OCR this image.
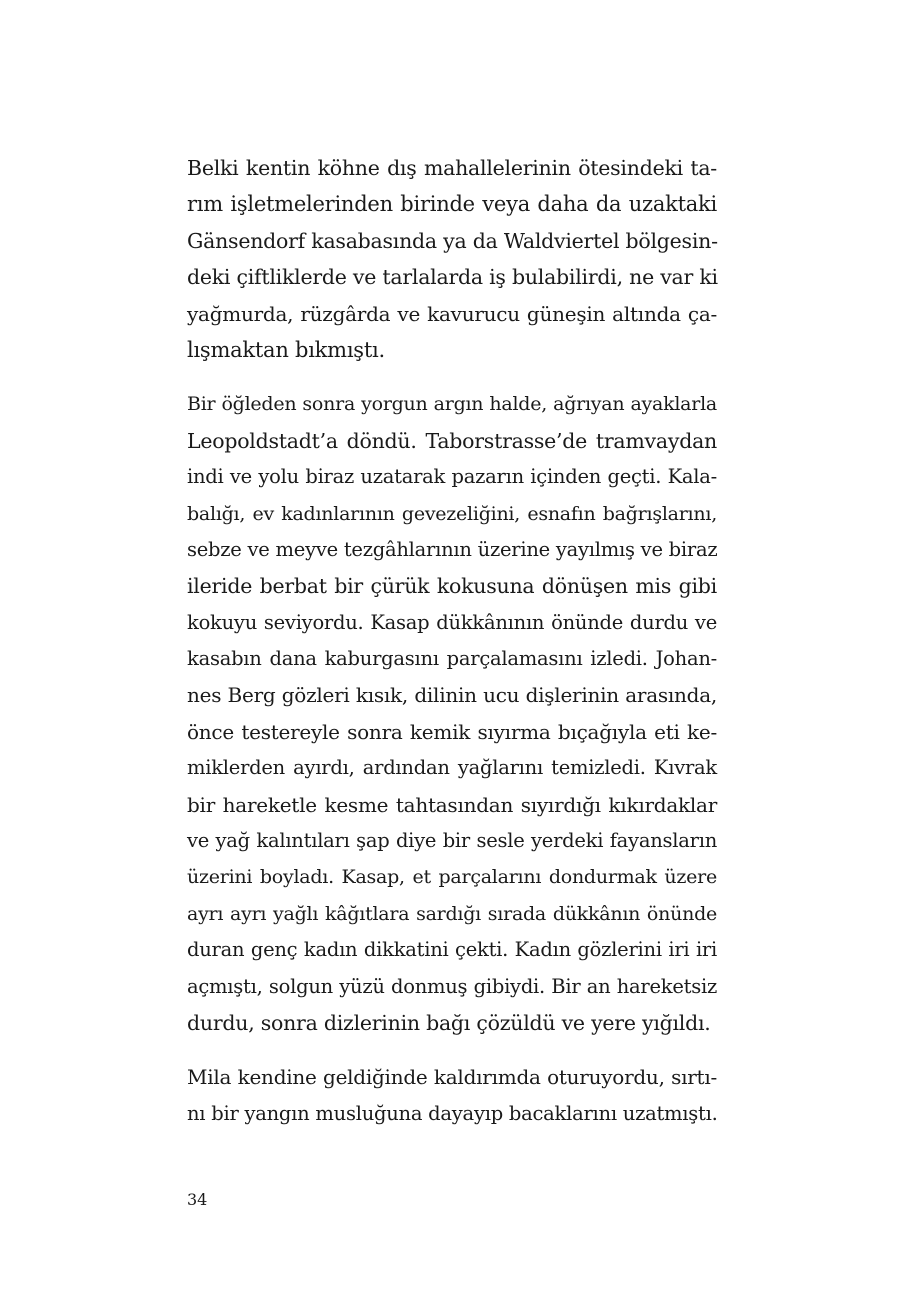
Belki kentin köhne dış mahallelerinin ötesindeki ta-
rım işletmelerinden birinde veya daha da uzaktaki
Gänsendorf kasabasında ya da Waldviertel bölgesin-
deki çiftliklerde ve tarlalarda iş bulabilirdi, ne var ki
yağmurda, rüzgârda ve kavurucu güneşin altında ça-
lışmaktan bıkmıştı.

Bir öğleden sonra yorgun argın halde, ağrıyan ayaklarla
Leopoldstadt’a döndü. Taborstrasse’de tramvaydan
indi ve yolu biraz uzatarak pazarın içinden geçti. Kala-
balığı, ev kadınlarının gevezeliğini, esnafın bağrışlarını,
sebze ve meyve tezgâhlarının üzerine yayılmış ve biraz
ileride berbat bir çürük kokusuna dönüşen mis gibi
kokuyu seviyordu. Kasap dükkânının önünde durdu ve
kasabın dana kaburgasını parçalamasını izledi. Johan-
nes Berg gözleri kısık, dilinin ucu dişlerinin arasında,
önce testereyle sonra kemik sıyırma bıçağıyla eti ke-
miklerden ayırdı, ardından yağlarını temizledi. Kıvrak
bir hareketle kesme tahtasından sıyırdığı kıkırdaklar
ve yağ kalıntıları şap diye bir sesle yerdeki fayansların
üzerini boyladı. Kasap, et parçalarını dondurmak üzere
ayrı ayrı yağlı kâğıtlara sardığı sırada dükkânın önünde
duran genç kadın dikkatini çekti. Kadın gözlerini iri iri
açmıştı, solgun yüzü donmuş gibiydi. Bir an hareketsiz
durdu, sonra dizlerinin bağı çözüldü ve yere yığıldı.

Mila kendine geldiğinde kaldırımda oturuyordu, sırtı-
nı bir yangın musluğuna dayayıp bacaklarını uzatmıştı.

34
